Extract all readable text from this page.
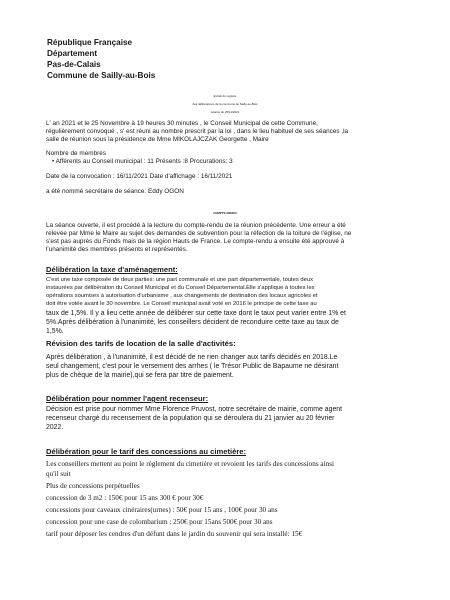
République Française
Département
Pas-de-Calais
Commune de Sailly-au-Bois
Extrait du registre
des délibérations de la commune de Sailly-au-Bois
séance du 25/11/2021
L' an 2021 et le 25 Novembre à 19 heures 30 minutes , le Conseil Municipal de cette Commune,
régulièrement convoqué , s' est réuni au nombre prescrit par la loi , dans le lieu habituel de ses séances ,la
salle de réunion sous la présidence de Mme MIKOLAJCZAK Georgette , Maire
Nombre de membres
• Afférents au Conseil municipal : 11 Présents :8 Procurations: 3
Date de la convocation : 16/11/2021 Date d'affichage : 16/11/2021
a été nommé secrétaire de séance: Eddy OGON
COMPTE-RENDU
La séance ouverte, il est procédé à la lecture du compte-rendu de la réunion précédente. Une erreur a été
relevée par Mme le Maire au sujet des demandes de subvention pour la réfection de la toiture de l'église, ne
s'est pas auprès du Fonds mais de la région Hauts de France. Le compte-rendu a ensuite été approuvé à
l'unanimité des membres présents et représentés.
Délibération la taxe d'aménagement:
C'est une taxe composée de deux parties: une part communale et une part départementale, toutes deux
instaurées par délibération du Conseil Municipal et du Conseil Départemental.Elle s'applique à toutes les
opérations soumises à autorisation d'urbanisme , aux changements de destination des locaux agricoles et
doit être votée avant le 30 novembre. Le Conseil municipal avait voté en 2016 le principe de cette taxe au
taux de 1,5%. Il y a lieu cette année de délibérer sur cette taxe dont le taux peut varier entre 1% et
5%.Après délibération à l'unanimité, les conseillers décident de reconduire cette taxe au taux de
1,5%.
Révision des tarifs de location de la salle d'activités:
Après délibération , à l'unanimité, il est décidé de ne rien changer aux tarifs décidés en 2018.Le
seul changement, c'est pour le versement des arrhes ( le Trésor Public de Bapaume ne désirant
plus de chèque de la mairie),qui se fera par titre de paiement.
Délibération pour nommer l'agent recenseur:
Décision est prise pour nommer Mme Florence Pruvost, notre secrétaire de mairie, comme agent
recenseur chargé du recensement de la population qui se déroulera du 21 janvier au 20 février
2022.
Délibération pour le tarif des concessions au cimetière:
Les conseillers mettent au point le règlement du cimetière et revoient les tarifs des concessions ainsi
qu'il suit
Plus de concessions perpétuelles
concession de 3 m2 : 150€ pour 15 ans 300 € pour 30€
concessions pour caveaux cinéraires(urnes) : 50€ pour 15 ans , 100€ pour 30 ans
concession pour une case de colombarium : 250€ pour 15ans 500€ pour 30 ans
tarif pour déposer les cendres d'un défunt dans le jardin du souvenir qui sera installé: 15€
